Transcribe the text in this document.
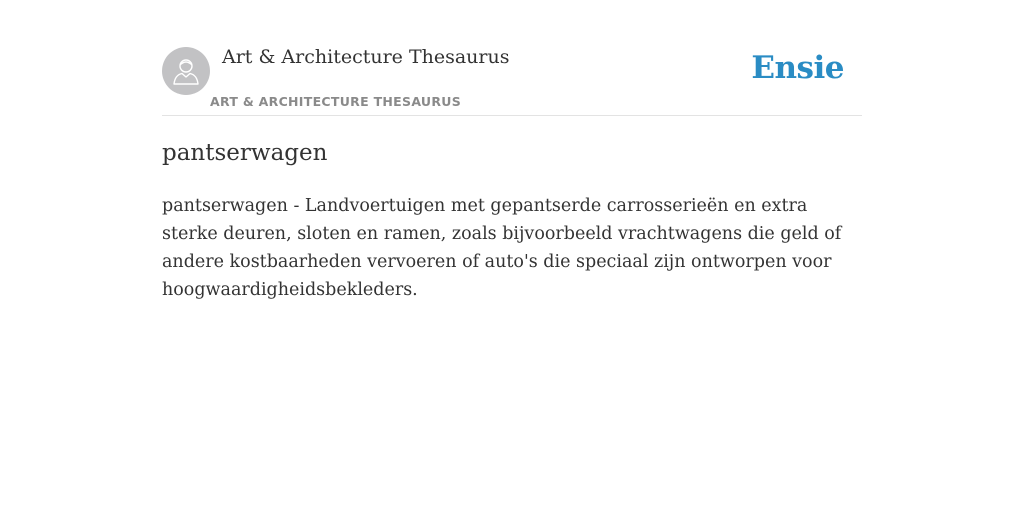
Art & Architecture Thesaurus
ART & ARCHITECTURE THESAURUS
Ensie
pantserwagen

pantserwagen - Landvoertuigen met gepantserde carrosserieën en extra sterke deuren, sloten en ramen, zoals bijvoorbeeld vrachtwagens die geld of andere kostbaarheden vervoeren of auto's die speciaal zijn ontworpen voor hoogwaardigheidsbekleders.
